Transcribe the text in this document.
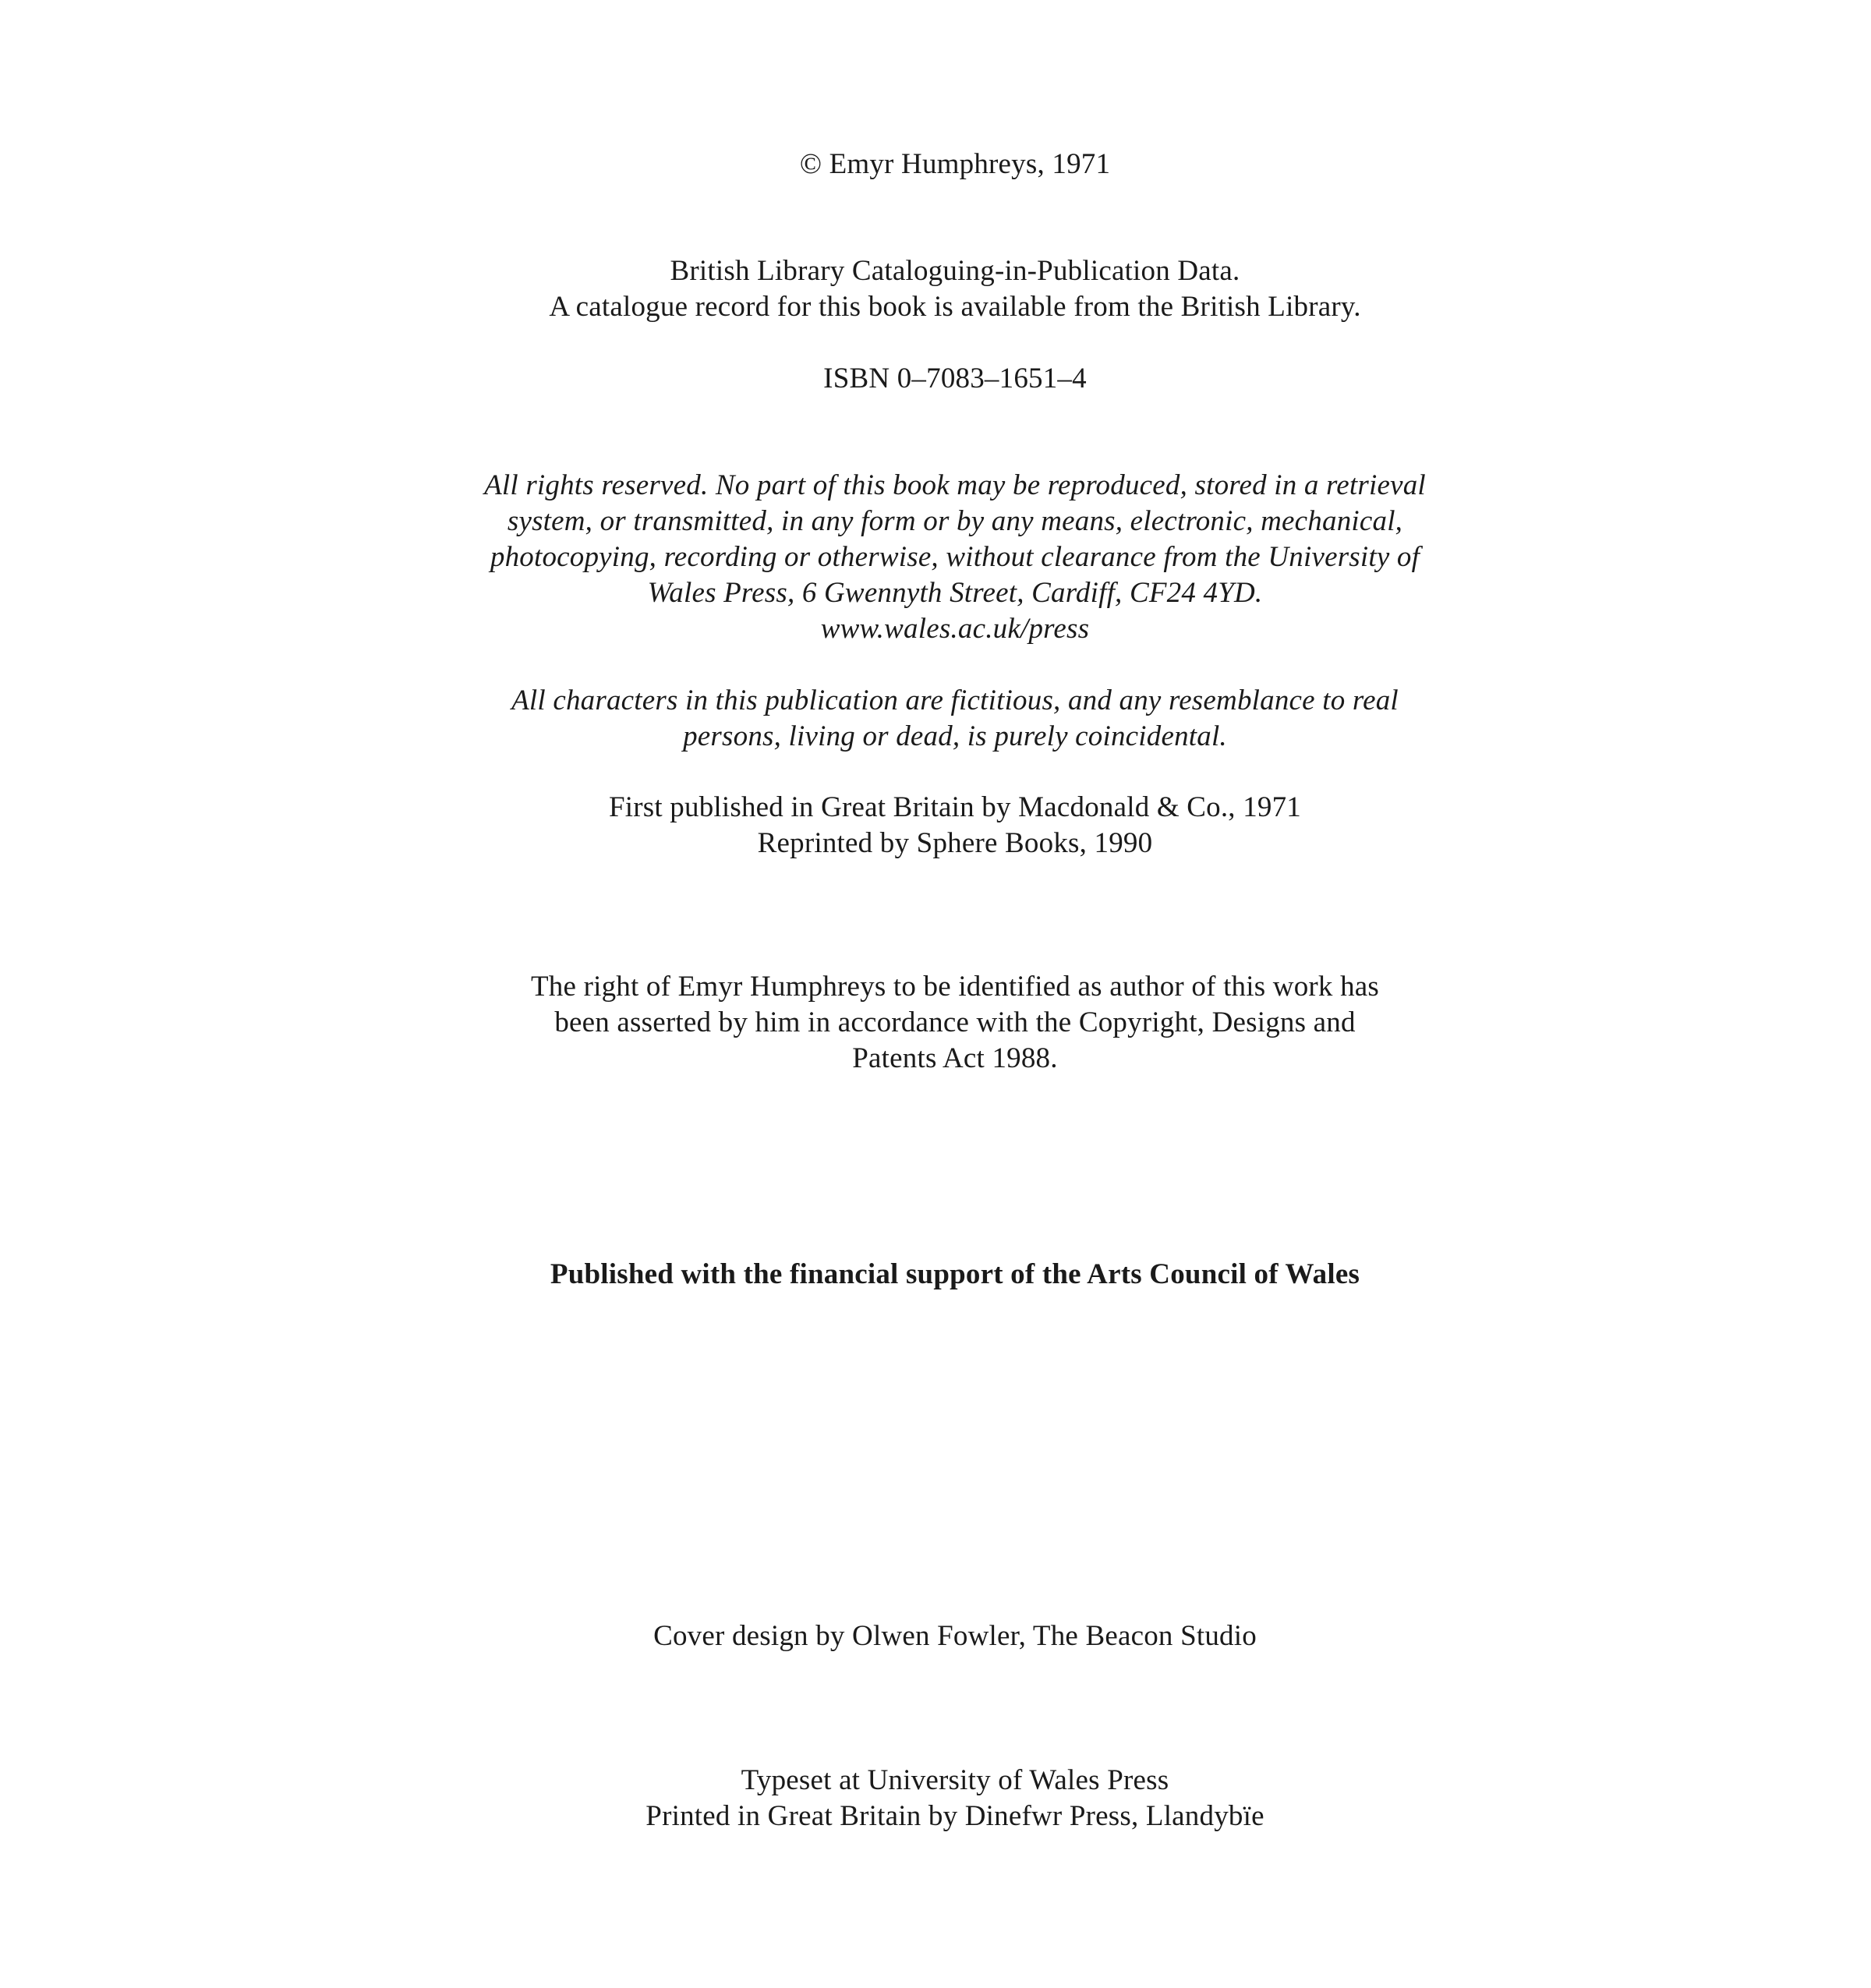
© Emyr Humphreys, 1971
British Library Cataloguing-in-Publication Data.
A catalogue record for this book is available from the British Library.
ISBN 0–7083–1651–4
All rights reserved. No part of this book may be reproduced, stored in a retrieval
system, or transmitted, in any form or by any means, electronic, mechanical,
photocopying, recording or otherwise, without clearance from the University of
Wales Press, 6 Gwennyth Street, Cardiff, CF24 4YD.
www.wales.ac.uk/press
All characters in this publication are fictitious, and any resemblance to real
persons, living or dead, is purely coincidental.
First published in Great Britain by Macdonald & Co., 1971
Reprinted by Sphere Books, 1990
The right of Emyr Humphreys to be identified as author of this work has
been asserted by him in accordance with the Copyright, Designs and
Patents Act 1988.
Published with the financial support of the Arts Council of Wales
Cover design by Olwen Fowler, The Beacon Studio
Typeset at University of Wales Press
Printed in Great Britain by Dinefwr Press, Llandybïe
